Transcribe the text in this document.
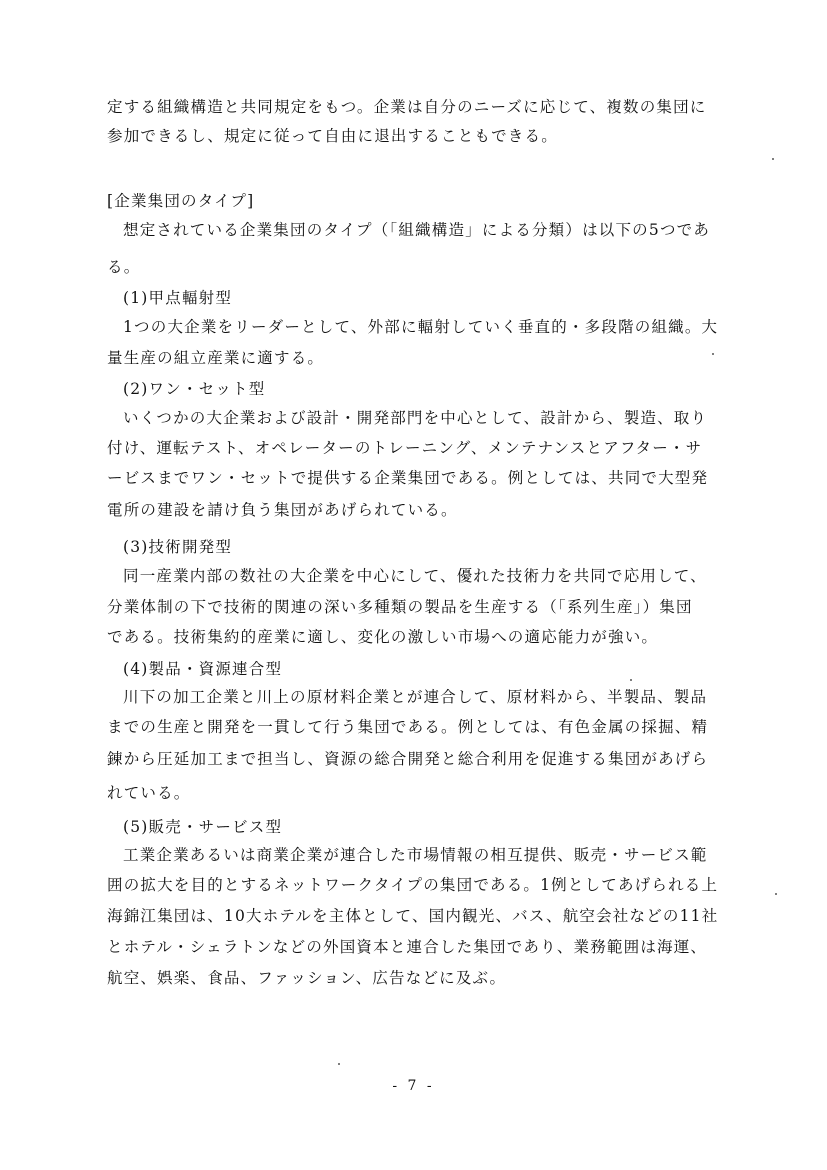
定する組織構造と共同規定をもつ。企業は自分のニーズに応じて、複数の集団に
参加できるし、規定に従って自由に退出することもできる。
[企業集団のタイプ]
想定されている企業集団のタイプ（「組織構造」による分類）は以下の5つであ
る。
(1)甲点輻射型
1つの大企業をリーダーとして、外部に輻射していく垂直的・多段階の組織。大
量生産の組立産業に適する。
(2)ワン・セット型
いくつかの大企業および設計・開発部門を中心として、設計から、製造、取り
付け、運転テスト、オペレーターのトレーニング、メンテナンスとアフター・サ
ービスまでワン・セットで提供する企業集団である。例としては、共同で大型発
電所の建設を請け負う集団があげられている。
(3)技術開発型
同一産業内部の数社の大企業を中心にして、優れた技術力を共同で応用して、
分業体制の下で技術的関連の深い多種類の製品を生産する（「系列生産」）集団
である。技術集約的産業に適し、変化の激しい市場への適応能力が強い。
(4)製品・資源連合型
川下の加工企業と川上の原材料企業とが連合して、原材料から、半製品、製品
までの生産と開発を一貫して行う集団である。例としては、有色金属の採掘、精
錬から圧延加工まで担当し、資源の総合開発と総合利用を促進する集団があげら
れている。
(5)販売・サービス型
工業企業あるいは商業企業が連合した市場情報の相互提供、販売・サービス範
囲の拡大を目的とするネットワークタイプの集団である。1例としてあげられる上
海錦江集団は、10大ホテルを主体として、国内観光、バス、航空会社などの11社
とホテル・シェラトンなどの外国資本と連合した集団であり、業務範囲は海運、
航空、娯楽、食品、ファッション、広告などに及ぶ。
- 7 -
